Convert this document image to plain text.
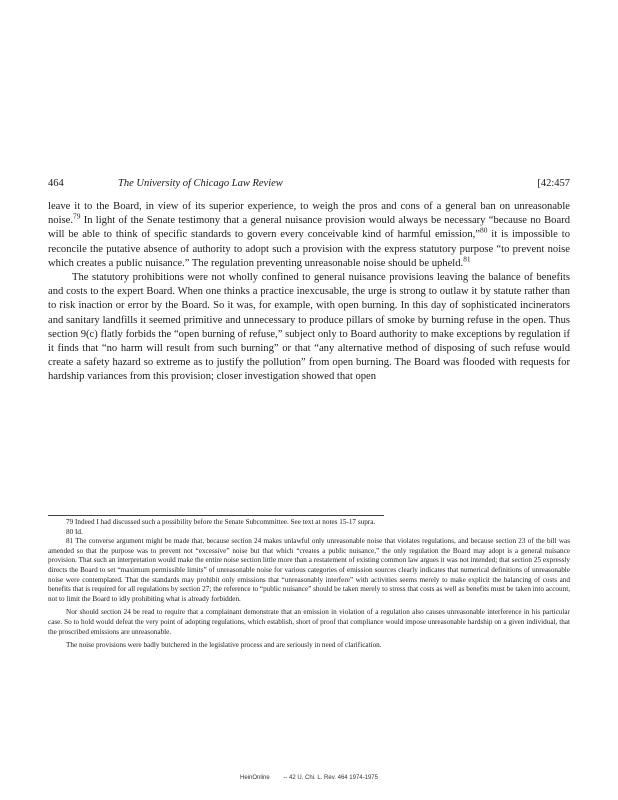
464	The University of Chicago Law Review	[42:457

leave it to the Board, in view of its superior experience, to weigh the pros and cons of a general ban on unreasonable noise.$^{79}$ In light of the Senate testimony that a general nuisance provision would always be necessary “because no Board will be able to think of specific standards to govern every conceivable kind of harmful emission,”$^{80}$ it is impossible to reconcile the putative absence of authority to adopt such a provision with the express statutory purpose “to prevent noise which creates a public nuisance.” The regulation preventing unreasonable noise should be upheld.$^{81}$

The statutory prohibitions were not wholly confined to general nuisance provisions leaving the balance of benefits and costs to the expert Board. When one thinks a practice inexcusable, the urge is strong to outlaw it by statute rather than to risk inaction or error by the Board. So it was, for example, with open burning. In this day of sophisticated incinerators and sanitary landfills it seemed primitive and unnecessary to produce pillars of smoke by burning refuse in the open. Thus section 9(c) flatly forbids the “open burning of refuse,” subject only to Board authority to make exceptions by regulation if it finds that “no harm will result from such burning” or that “any alternative method of disposing of such refuse would create a safety hazard so extreme as to justify the pollution” from open burning. The Board was flooded with requests for hardship variances from this provision; closer investigation showed that open

79 Indeed I had discussed such a possibility before the Senate Subcommittee. See text at notes 15-17 supra.

80 Id.

81 The converse argument might be made that, because section 24 makes unlawful only unreasonable noise that violates regulations, and because section 23 of the bill was amended so that the purpose was to prevent not “excessive” noise but that which “creates a public nuisance,” the only regulation the Board may adopt is a general nuisance provision. That such an interpretation would make the entire noise section little more than a restatement of existing common law argues it was not intended; that section 25 expressly directs the Board to set “maximum permissible limits” of unreasonable noise for various categories of emission sources clearly indicates that numerical definitions of unreasonable noise were contemplated. That the standards may prohibit only emissions that “unreasonably interfere” with activities seems merely to make explicit the balancing of costs and benefits that is required for all regulations by section 27; the reference to “public nuisance” should be taken merely to stress that costs as well as benefits must be taken into account, not to limit the Board to idly prohibiting what is already forbidden.

Nor should section 24 be read to require that a complainant demonstrate that an emission in violation of a regulation also causes unreasonable interference in his particular case. So to hold would defeat the very point of adopting regulations, which establish, short of proof that compliance would impose unreasonable hardship on a given individual, that the proscribed emissions are unreasonable.

The noise provisions were badly butchered in the legislative process and are seriously in need of clarification.

HeinOnline -- 42 U. Chi. L. Rev. 464 1974-1975
